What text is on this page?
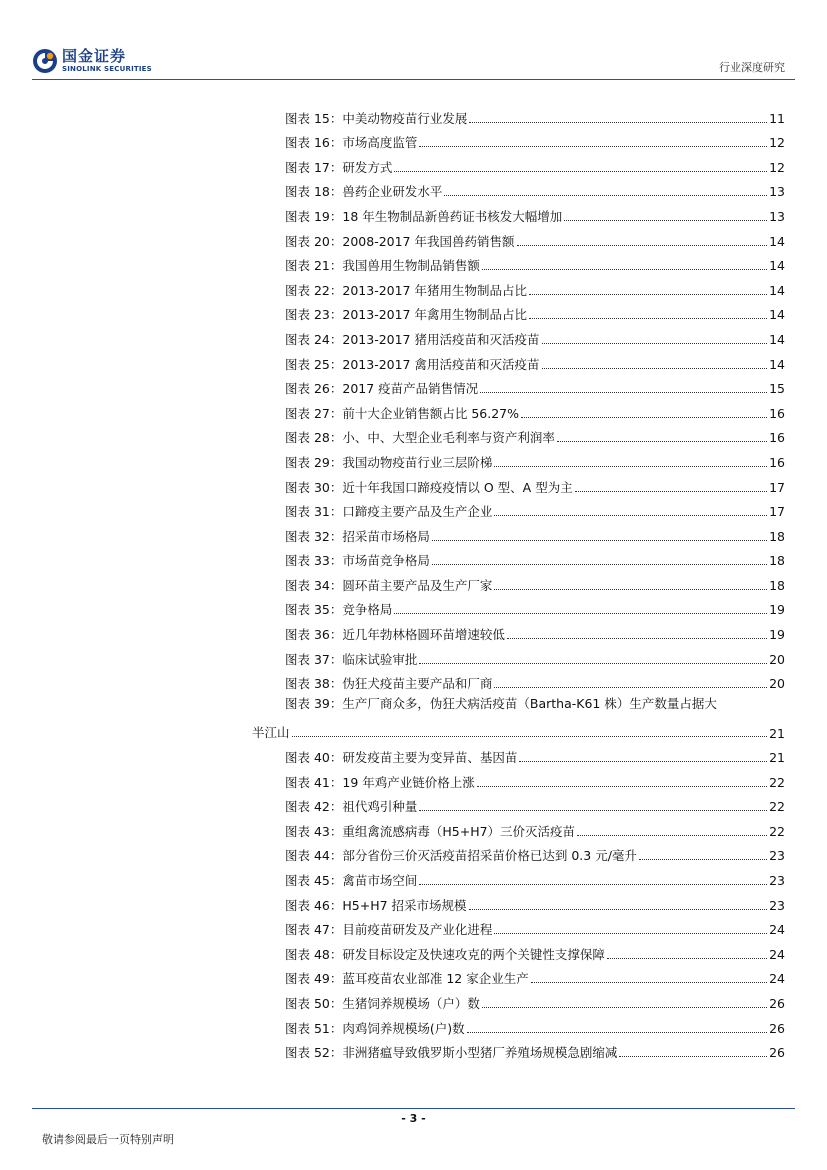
国金证券
SINOLINK SECURITIES	行业深度研究
图表 15：中美动物疫苗行业发展	11
图表 16：市场高度监管	12
图表 17：研发方式	12
图表 18：兽药企业研发水平	13
图表 19：18 年生物制品新兽药证书核发大幅增加	13
图表 20：2008-2017 年我国兽药销售额	14
图表 21：我国兽用生物制品销售额	14
图表 22：2013-2017 年猪用生物制品占比	14
图表 23：2013-2017 年禽用生物制品占比	14
图表 24：2013-2017 猪用活疫苗和灭活疫苗	14
图表 25：2013-2017 禽用活疫苗和灭活疫苗	14
图表 26：2017 疫苗产品销售情况	15
图表 27：前十大企业销售额占比 56.27%	16
图表 28：小、中、大型企业毛利率与资产利润率	16
图表 29：我国动物疫苗行业三层阶梯	16
图表 30：近十年我国口蹄疫疫情以 O 型、A 型为主	17
图表 31：口蹄疫主要产品及生产企业	17
图表 32：招采苗市场格局	18
图表 33：市场苗竞争格局	18
图表 34：圆环苗主要产品及生产厂家	18
图表 35：竞争格局	19
图表 36：近几年勃林格圆环苗增速较低	19
图表 37：临床试验审批	20
图表 38：伪狂犬疫苗主要产品和厂商	20
图表 39：生产厂商众多，伪狂犬病活疫苗（Bartha-K61 株）生产数量占据大
半江山	21
图表 40：研发疫苗主要为变异苗、基因苗	21
图表 41：19 年鸡产业链价格上涨	22
图表 42：祖代鸡引种量	22
图表 43：重组禽流感病毒（H5+H7）三价灭活疫苗	22
图表 44：部分省份三价灭活疫苗招采苗价格已达到 0.3 元/毫升	23
图表 45：禽苗市场空间	23
图表 46：H5+H7 招采市场规模	23
图表 47：目前疫苗研发及产业化进程	24
图表 48：研发目标设定及快速攻克的两个关键性支撑保障	24
图表 49：蓝耳疫苗农业部准 12 家企业生产	24
图表 50：生猪饲养规模场（户）数	26
图表 51：肉鸡饲养规模场(户)数	26
图表 52：非洲猪瘟导致俄罗斯小型猪厂养殖场规模急剧缩减	26
- 3 -
敬请参阅最后一页特别声明
